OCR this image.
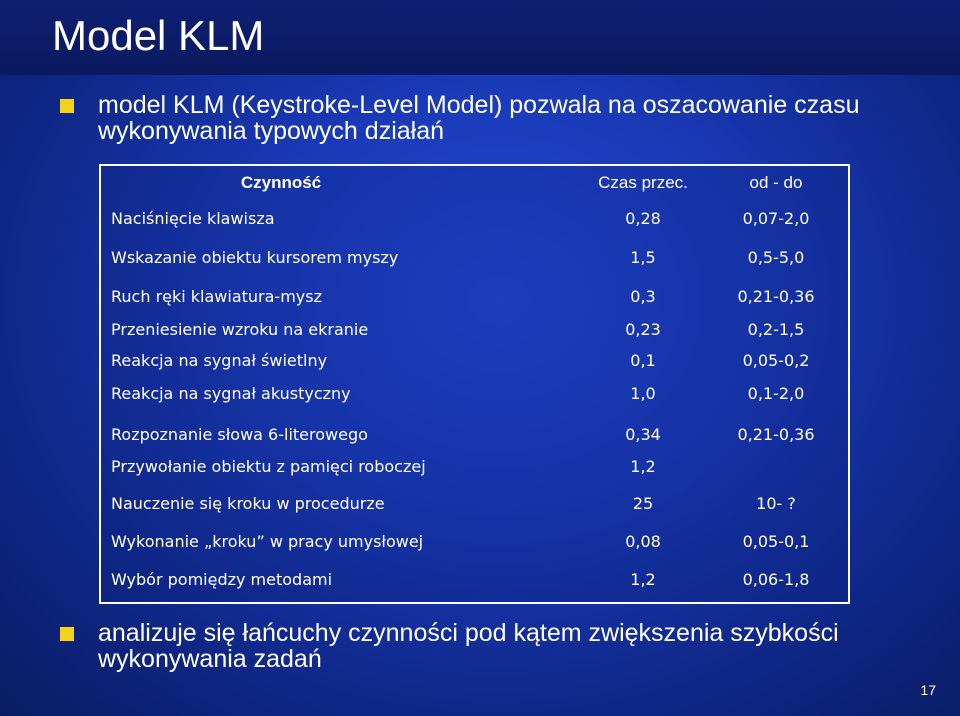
Model KLM
model KLM (Keystroke-Level Model) pozwala na oszacowanie czasu wykonywania typowych działań
Czynność	Czas przec.	od - do
Naciśnięcie klawisza	0,28	0,07-2,0
Wskazanie obiektu kursorem myszy	1,5	0,5-5,0
Ruch ręki klawiatura-mysz	0,3	0,21-0,36
Przeniesienie wzroku na ekranie	0,23	0,2-1,5
Reakcja na sygnał świetlny	0,1	0,05-0,2
Reakcja na sygnał akustyczny	1,0	0,1-2,0
Rozpoznanie słowa 6-literowego	0,34	0,21-0,36
Przywołanie obiektu z pamięci roboczej	1,2
Nauczenie się kroku w procedurze	25	10- ?
Wykonanie „kroku” w pracy umysłowej	0,08	0,05-0,1
Wybór pomiędzy metodami	1,2	0,06-1,8
analizuje się łańcuchy czynności pod kątem zwiększenia szybkości wykonywania zadań
17
